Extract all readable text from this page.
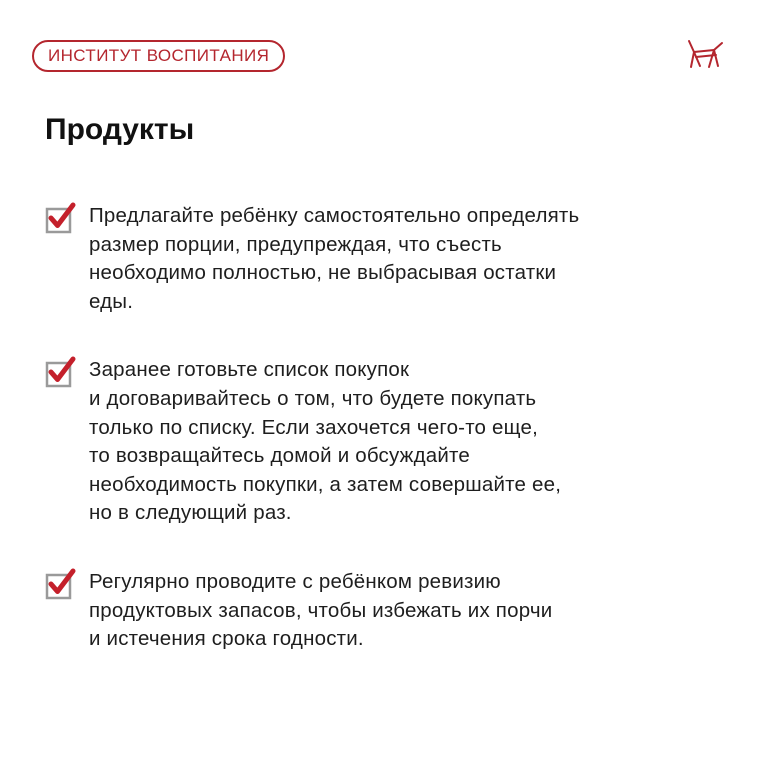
ИНСТИТУТ ВОСПИТАНИЯ
Продукты

Предлагайте ребёнку самостоятельно определять
размер порции, предупреждая, что съесть
необходимо полностью, не выбрасывая остатки
еды.

Заранее готовьте список покупок
и договаривайтесь о том, что будете покупать
только по списку. Если захочется чего-то еще,
то возвращайтесь домой и обсуждайте
необходимость покупки, а затем совершайте ее,
но в следующий раз.

Регулярно проводите с ребёнком ревизию
продуктовых запасов, чтобы избежать их порчи
и истечения срока годности.
